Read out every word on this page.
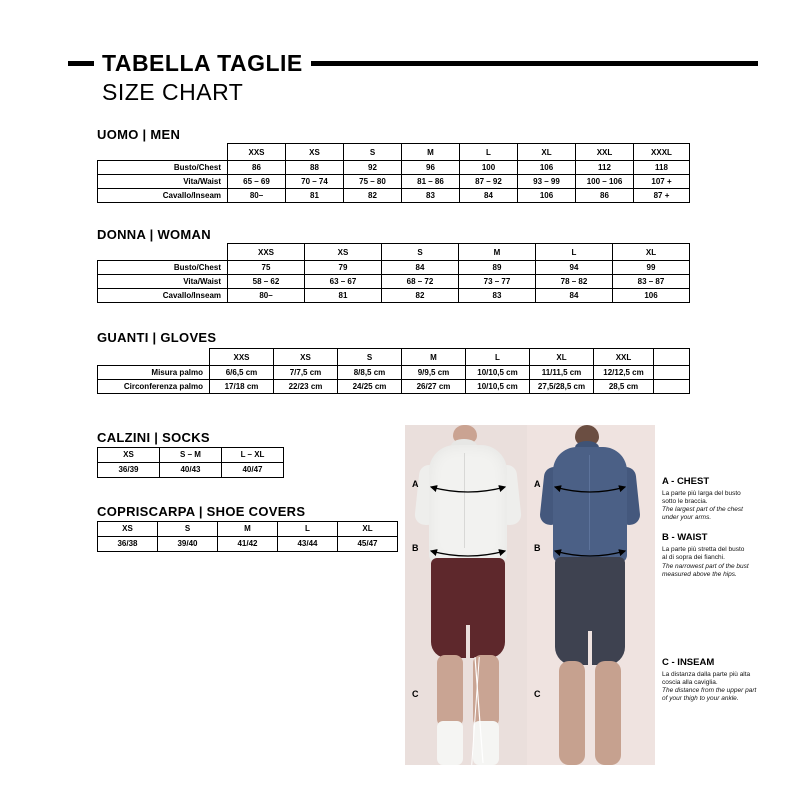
TABELLA TAGLIE
SIZE CHART
UOMO | MEN
	XXS	XS	S	M	L	XL	XXL	XXXL
Busto/Chest	86	88	92	96	100	106	112	118
Vita/Waist	65 – 69	70 – 74	75 – 80	81 – 86	87 – 92	93 – 99	100 – 106	107 +
Cavallo/Inseam	80–	81	82	83	84	106	86	87 +
DONNA | WOMAN
	XXS	XS	S	M	L	XL
Busto/Chest	75	79	84	89	94	99
Vita/Waist	58 – 62	63 – 67	68 – 72	73 – 77	78 – 82	83 – 87
Cavallo/Inseam	80–	81	82	83	84	106
GUANTI | GLOVES
	XXS	XS	S	M	L	XL	XXL	
Misura palmo	6/6,5 cm	7/7,5 cm	8/8,5 cm	9/9,5 cm	10/10,5 cm	11/11,5 cm	12/12,5 cm	
Circonferenza palmo	17/18 cm	22/23 cm	24/25 cm	26/27 cm	10/10,5 cm	27,5/28,5 cm	28,5 cm	
CALZINI | SOCKS
XS	S – M	L – XL
36/39	40/43	40/47
COPRISCARPA | SHOE COVERS
XS	S	M	L	XL
36/38	39/40	41/42	43/44	45/47
A
B
C
A
B
C
A - CHEST
La parte più larga del busto
sotto le braccia.
The largest part of the chest
under your arms.
B - WAIST
La parte più stretta del busto
al di sopra dei fianchi.
The narrowest part of the bust
measured above the hips.
C - INSEAM
La distanza dalla parte più alta
coscia alla caviglia.
The distance from the upper part
of your thigh to your ankle.
